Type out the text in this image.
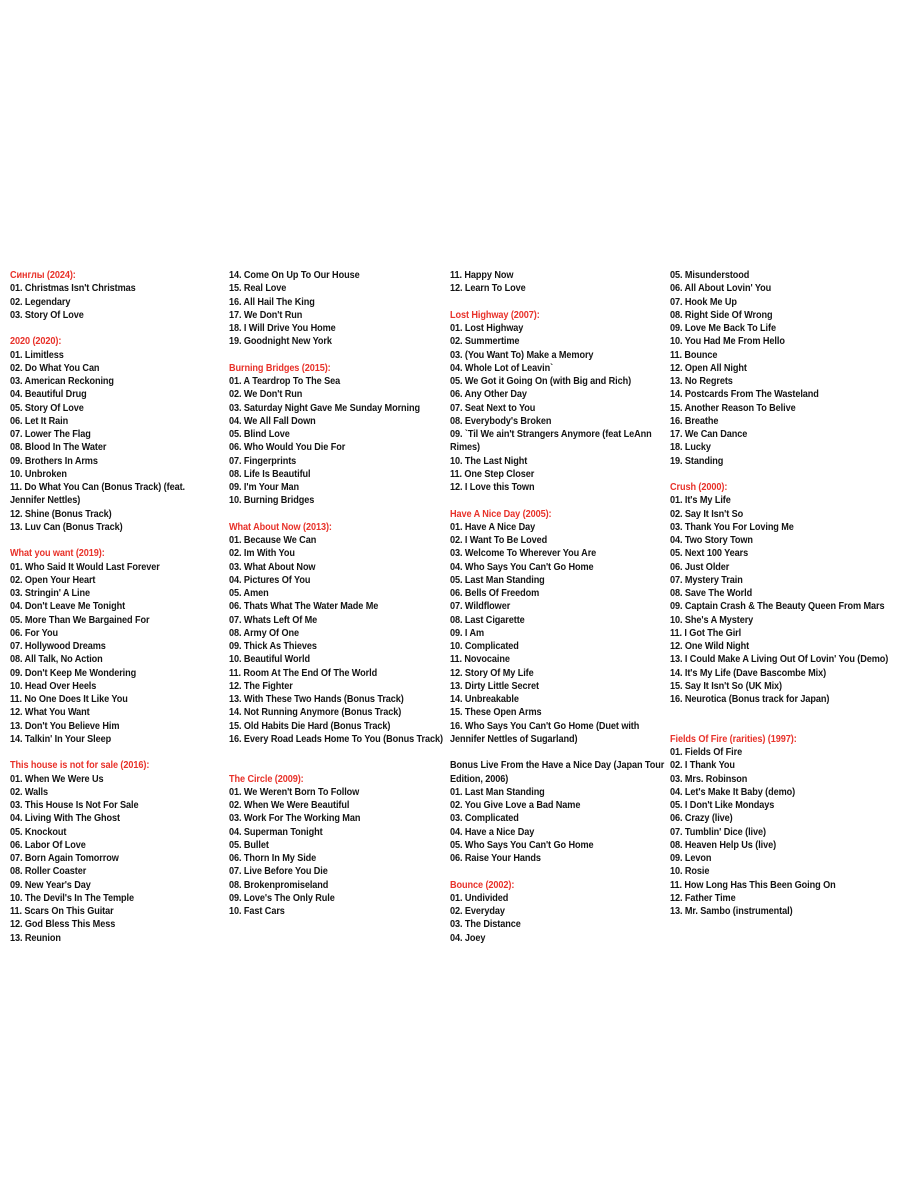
Синглы (2024):
01. Christmas Isn't Christmas
02. Legendary
03. Story Of Love
2020 (2020):
01. Limitless
02. Do What You Can
03. American Reckoning
04. Beautiful Drug
05. Story Of Love
06. Let It Rain
07. Lower The Flag
08. Blood In The Water
09. Brothers In Arms
10. Unbroken
11. Do What You Can (Bonus Track) (feat. Jennifer Nettles)
12. Shine (Bonus Track)
13. Luv Can (Bonus Track)
What you want (2019):
01. Who Said It Would Last Forever
02. Open Your Heart
03. Stringin' A Line
04. Don't Leave Me Tonight
05. More Than We Bargained For
06. For You
07. Hollywood Dreams
08. All Talk, No Action
09. Don't Keep Me Wondering
10. Head Over Heels
11. No One Does It Like You
12. What You Want
13. Don't You Believe Him
14. Talkin' In Your Sleep
This house is not for sale (2016):
01. When We Were Us
02. Walls
03. This House Is Not For Sale
04. Living With The Ghost
05. Knockout
06. Labor Of Love
07. Born Again Tomorrow
08. Roller Coaster
09. New Year's Day
10. The Devil's In The Temple
11. Scars On This Guitar
12. God Bless This Mess
13. Reunion
14. Come On Up To Our House
15. Real Love
16. All Hail The King
17. We Don't Run
18. I Will Drive You Home
19. Goodnight New York
Burning Bridges (2015):
01. A Teardrop To The Sea
02. We Don't Run
03. Saturday Night Gave Me Sunday Morning
04. We All Fall Down
05. Blind Love
06. Who Would You Die For
07. Fingerprints
08. Life Is Beautiful
09. I'm Your Man
10. Burning Bridges
What About Now (2013):
01. Because We Can
02. Im With You
03. What About Now
04. Pictures Of You
05. Amen
06. Thats What The Water Made Me
07. Whats Left Of Me
08. Army Of One
09. Thick As Thieves
10. Beautiful World
11. Room At The End Of The World
12. The Fighter
13. With These Two Hands (Bonus Track)
14. Not Running Anymore (Bonus Track)
15. Old Habits Die Hard (Bonus Track)
16. Every Road Leads Home To You (Bonus Track)
The Circle (2009):
01. We Weren't Born To Follow
02. When We Were Beautiful
03. Work For The Working Man
04. Superman Tonight
05. Bullet
06. Thorn In My Side
07. Live Before You Die
08. Brokenpromiseland
09. Love's The Only Rule
10. Fast Cars
11. Happy Now
12. Learn To Love
Lost Highway (2007):
01. Lost Highway
02. Summertime
03. (You Want To) Make a Memory
04. Whole Lot of Leavin`
05. We Got it Going On (with Big and Rich)
06. Any Other Day
07. Seat Next to You
08. Everybody's Broken
09. `Til We ain't Strangers Anymore (feat LeAnn Rimes)
10. The Last Night
11. One Step Closer
12. I Love this Town
Have A Nice Day (2005):
01. Have A Nice Day
02. I Want To Be Loved
03. Welcome To Wherever You Are
04. Who Says You Can't Go Home
05. Last Man Standing
06. Bells Of Freedom
07. Wildflower
08. Last Cigarette
09. I Am
10. Complicated
11. Novocaine
12. Story Of My Life
13. Dirty Little Secret
14. Unbreakable
15. These Open Arms
16. Who Says You Can't Go Home (Duet with Jennifer Nettles of Sugarland)
Bonus Live From the Have a Nice Day (Japan Tour Edition, 2006)
01. Last Man Standing
02. You Give Love a Bad Name
03. Complicated
04. Have a Nice Day
05. Who Says You Can't Go Home
06. Raise Your Hands
Bounce (2002):
01. Undivided
02. Everyday
03. The Distance
04. Joey
05. Misunderstood
06. All About Lovin' You
07. Hook Me Up
08. Right Side Of Wrong
09. Love Me Back To Life
10. You Had Me From Hello
11. Bounce
12. Open All Night
13. No Regrets
14. Postcards From The Wasteland
15. Another Reason To Belive
16. Breathe
17. We Can Dance
18. Lucky
19. Standing
Crush (2000):
01. It's My Life
02. Say It Isn't So
03. Thank You For Loving Me
04. Two Story Town
05. Next 100 Years
06. Just Older
07. Mystery Train
08. Save The World
09. Captain Crash & The Beauty Queen From Mars
10. She's A Mystery
11. I Got The Girl
12. One Wild Night
13. I Could Make A Living Out Of Lovin' You (Demo)
14. It's My Life (Dave Bascombe Mix)
15. Say It Isn't So (UK Mix)
16. Neurotica (Bonus track for Japan)
Fields Of Fire (rarities) (1997):
01. Fields Of Fire
02. I Thank You
03. Mrs. Robinson
04. Let's Make It Baby (demo)
05. I Don't Like Mondays
06. Crazy (live)
07. Tumblin' Dice (live)
08. Heaven Help Us (live)
09. Levon
10. Rosie
11. How Long Has This Been Going On
12. Father Time
13. Mr. Sambo (instrumental)
